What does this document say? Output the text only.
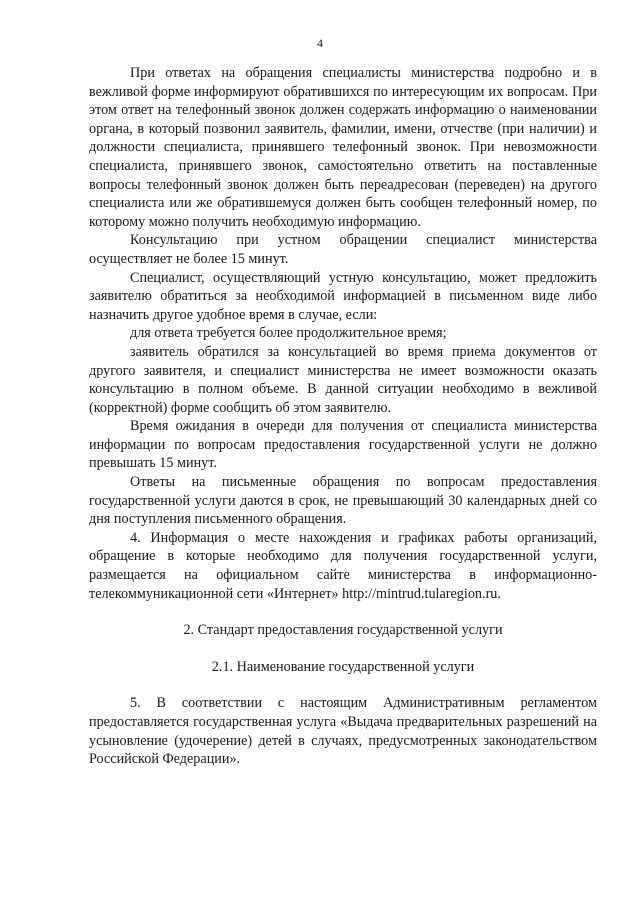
4

При ответах на обращения специалисты министерства подробно и в вежливой форме информируют обратившихся по интересующим их вопросам. При этом ответ на телефонный звонок должен содержать информацию о наименовании органа, в который позвонил заявитель, фамилии, имени, отчестве (при наличии) и должности специалиста, принявшего телефонный звонок. При невозможности специалиста, принявшего звонок, самостоятельно ответить на поставленные вопросы телефонный звонок должен быть переадресован (переведен) на другого специалиста или же обратившемуся должен быть сообщен телефонный номер, по которому можно получить необходимую информацию.

Консультацию при устном обращении специалист министерства осуществляет не более 15 минут.

Специалист, осуществляющий устную консультацию, может предложить заявителю обратиться за необходимой информацией в письменном виде либо назначить другое удобное время в случае, если:

для ответа требуется более продолжительное время;

заявитель обратился за консультацией во время приема документов от другого заявителя, и специалист министерства не имеет возможности оказать консультацию в полном объеме. В данной ситуации необходимо в вежливой (корректной) форме сообщить об этом заявителю.

Время ожидания в очереди для получения от специалиста министерства информации по вопросам предоставления государственной услуги не должно превышать 15 минут.

Ответы на письменные обращения по вопросам предоставления государственной услуги даются в срок, не превышающий 30 календарных дней со дня поступления письменного обращения.

4. Информация о месте нахождения и графиках работы организаций, обращение в которые необходимо для получения государственной услуги, размещается на официальном сайте министерства в информационно-телекоммуникационной сети «Интернет» http://mintrud.tularegion.ru.

2. Стандарт предоставления государственной услуги

2.1. Наименование государственной услуги

5. В соответствии с настоящим Административным регламентом предоставляется государственная услуга «Выдача предварительных разрешений на усыновление (удочерение) детей в случаях, предусмотренных законодательством Российской Федерации».
